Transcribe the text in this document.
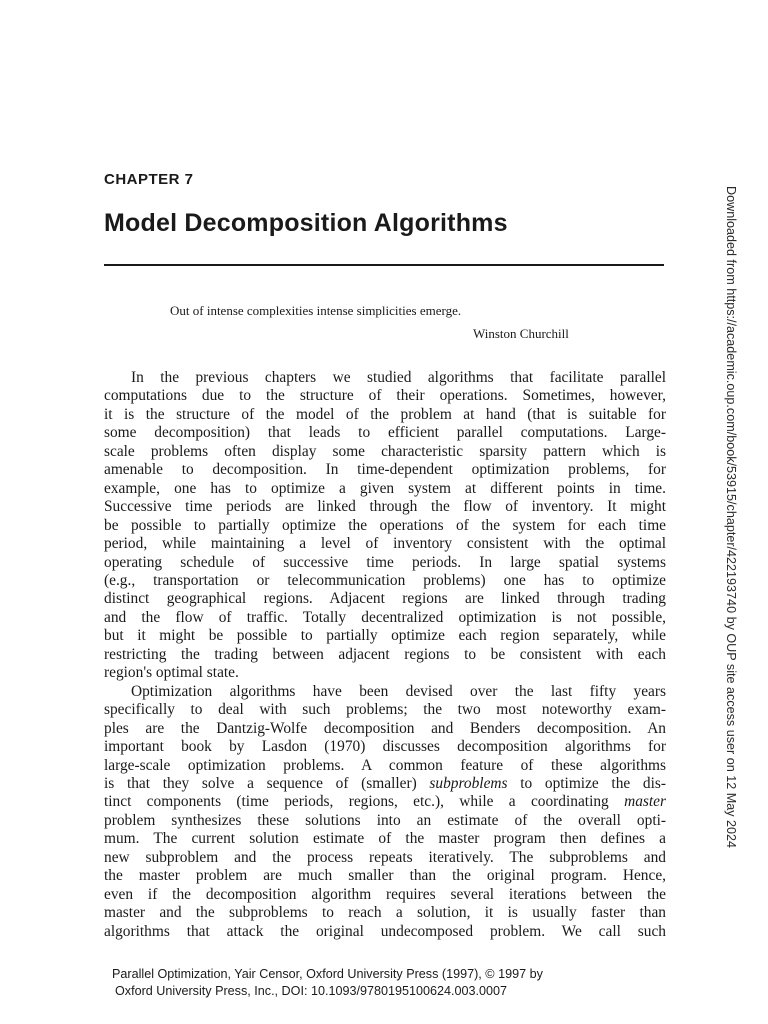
CHAPTER 7
Model Decomposition Algorithms
Out of intense complexities intense simplicities emerge.
Winston Churchill
In the previous chapters we studied algorithms that facilitate parallel
computations due to the structure of their operations. Sometimes, however,
it is the structure of the model of the problem at hand (that is suitable for
some decomposition) that leads to efficient parallel computations. Large-
scale problems often display some characteristic sparsity pattern which is
amenable to decomposition. In time-dependent optimization problems, for
example, one has to optimize a given system at different points in time.
Successive time periods are linked through the flow of inventory. It might
be possible to partially optimize the operations of the system for each time
period, while maintaining a level of inventory consistent with the optimal
operating schedule of successive time periods. In large spatial systems
(e.g., transportation or telecommunication problems) one has to optimize
distinct geographical regions. Adjacent regions are linked through trading
and the flow of traffic. Totally decentralized optimization is not possible,
but it might be possible to partially optimize each region separately, while
restricting the trading between adjacent regions to be consistent with each
region's optimal state.
Optimization algorithms have been devised over the last fifty years
specifically to deal with such problems; the two most noteworthy exam-
ples are the Dantzig-Wolfe decomposition and Benders decomposition. An
important book by Lasdon (1970) discusses decomposition algorithms for
large-scale optimization problems. A common feature of these algorithms
is that they solve a sequence of (smaller) subproblems to optimize the dis-
tinct components (time periods, regions, etc.), while a coordinating master
problem synthesizes these solutions into an estimate of the overall opti-
mum. The current solution estimate of the master program then defines a
new subproblem and the process repeats iteratively. The subproblems and
the master problem are much smaller than the original program. Hence,
even if the decomposition algorithm requires several iterations between the
master and the subproblems to reach a solution, it is usually faster than
algorithms that attack the original undecomposed problem. We call such
Downloaded from https://academic.oup.com/book/53915/chapter/422193740 by OUP site access user on 12 May 2024
Parallel Optimization, Yair Censor, Oxford University Press (1997), © 1997 by
Oxford University Press, Inc., DOI: 10.1093/9780195100624.003.0007
